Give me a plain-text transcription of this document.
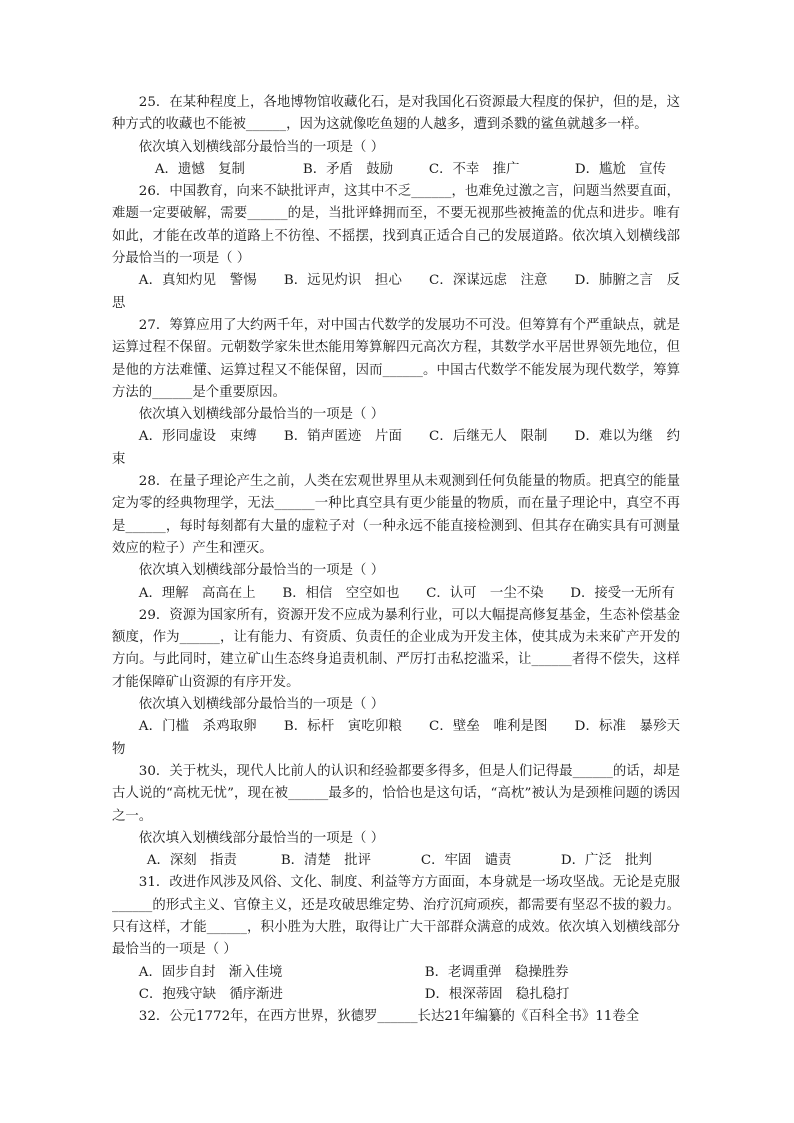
25．在某种程度上，各地博物馆收藏化石，是对我国化石资源最大程度的保护，但的是，这种方式的收藏也不能被______，因为这就像吃鱼翅的人越多，遭到杀戮的鲨鱼就越多一样。

依次填入划横线部分最恰当的一项是（ ）

A．遗憾　复制	B．矛盾　鼓励	C．不幸　推广	D．尴尬　宣传

26．中国教育，向来不缺批评声，这其中不乏______，也难免过激之言，问题当然要直面，难题一定要破解，需要______的是，当批评蜂拥而至，不要无视那些被掩盖的优点和进步。唯有如此，才能在改革的道路上不彷徨、不摇摆，找到真正适合自己的发展道路。依次填入划横线部分最恰当的一项是（ ）

A．真知灼见　警惕　　B．远见灼识　担心　　C．深谋远虑　注意　　D．肺腑之言　反思

27．筹算应用了大约两千年，对中国古代数学的发展功不可没。但筹算有个严重缺点，就是运算过程不保留。元朝数学家朱世杰能用筹算解四元高次方程，其数学水平居世界领先地位，但是他的方法难懂、运算过程又不能保留，因而______。中国古代数学不能发展为现代数学，筹算方法的______是个重要原因。

依次填入划横线部分最恰当的一项是（ ）

A．形同虚设　束缚　　B．销声匿迹　片面　　C．后继无人　限制　　D．难以为继　约束

28．在量子理论产生之前，人类在宏观世界里从未观测到任何负能量的物质。把真空的能量定为零的经典物理学，无法______一种比真空具有更少能量的物质，而在量子理论中，真空不再是______，每时每刻都有大量的虚粒子对（一种永远不能直接检测到、但其存在确实具有可测量效应的粒子）产生和湮灭。

依次填入划横线部分最恰当的一项是（ ）

A．理解　高高在上　　B．相信　空空如也　　C．认可　一尘不染　　D．接受一无所有

29．资源为国家所有，资源开发不应成为暴利行业，可以大幅提高修复基金，生态补偿基金额度，作为______，让有能力、有资质、负责任的企业成为开发主体，使其成为未来矿产开发的方向。与此同时，建立矿山生态终身追责机制、严厉打击私挖滥采，让______者得不偿失，这样才能保障矿山资源的有序开发。

依次填入划横线部分最恰当的一项是（ ）

A．门槛　杀鸡取卵　　B．标杆　寅吃卯粮　　C．壁垒　唯利是图　　D．标准　暴殄天物

30．关于枕头，现代人比前人的认识和经验都要多得多，但是人们记得最______的话，却是古人说的“高枕无忧”，现在被______最多的，恰恰也是这句话，“高枕”被认为是颈椎问题的诱因之一。

依次填入划横线部分最恰当的一项是（ ）

A．深刻　指责	B．清楚　批评	C．牢固　谴责	D．广泛　批判

31．改进作风涉及风俗、文化、制度、利益等方方面面，本身就是一场攻坚战。无论是克服______的形式主义、官僚主义，还是攻破思维定势、治疗沉疴顽疾，都需要有坚忍不拔的毅力。只有这样，才能______，积小胜为大胜，取得让广大干部群众满意的成效。依次填入划横线部分最恰当的一项是（ ）

A．固步自封　渐入佳境	B．老调重弹　稳操胜券
C．抱残守缺　循序渐进	D．根深蒂固　稳扎稳打

32．公元1772年，在西方世界，狄德罗______长达21年编纂的《百科全书》11卷全
